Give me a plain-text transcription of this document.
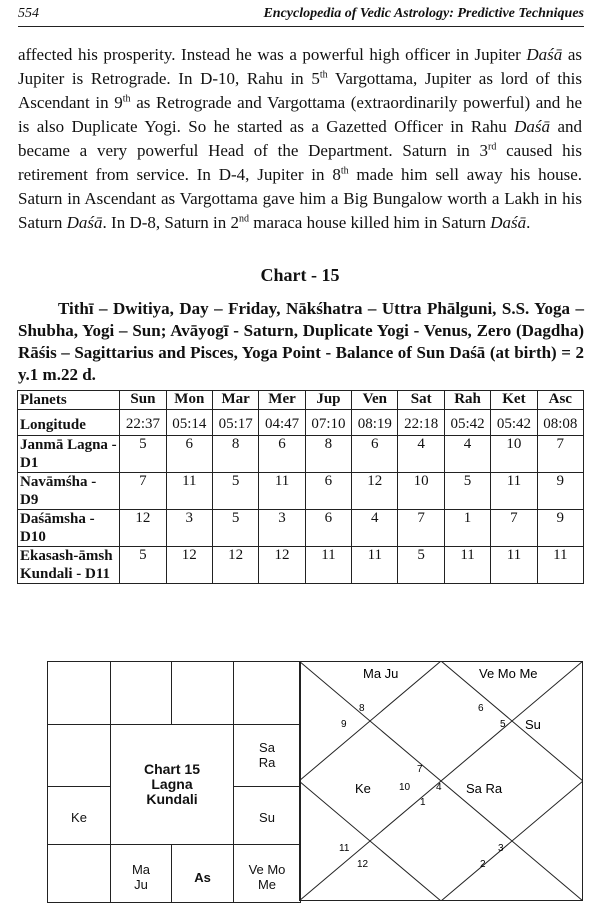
554	Encyclopedia of Vedic Astrology: Predictive Techniques

affected his prosperity. Instead he was a powerful high officer in Jupiter Daśā as Jupiter is Retrograde. In D-10, Rahu in 5th Vargottama, Jupiter as lord of this Ascendant in 9th as Retrograde and Vargottama (extraordinarily powerful) and he is also Duplicate Yogi. So he started as a Gazetted Officer in Rahu Daśā and became a very powerful Head of the Department. Saturn in 3rd caused his retirement from service. In D-4, Jupiter in 8th made him sell away his house. Saturn in Ascendant as Vargottama gave him a Big Bungalow worth a Lakh in his Saturn Daśā. In D-8, Saturn in 2nd maraca house killed him in Saturn Daśā.

Chart - 15
Tithī – Dwitiya, Day – Friday, Nākśhatra – Uttra Phālguni, S.S. Yoga – Shubha, Yogi – Sun; Avāyogī - Saturn, Duplicate Yogi - Venus, Zero (Dagdha) Rāśis – Sagittarius and Pisces, Yoga Point - Balance of Sun Daśā (at birth) = 2 y.1 m.22 d.
Planets	Sun	Mon	Mar	Mer	Jup	Ven	Sat	Rah	Ket	Asc
Longitude	22:37	05:14	05:17	04:47	07:10	08:19	22:18	05:42	05:42	08:08
Janmā Lagna - D1	5	6	8	6	8	6	4	4	10	7
Navāmśha - D9	7	11	5	11	6	12	10	5	11	9
Daśāmsha - D10	12	3	5	3	6	4	7	1	7	9
Ekasash-āmsh Kundali - D11	5	12	12	12	11	11	5	11	11	11
Chart 15
Lagna
Kundali
Sa
Ra
Su
Ke
Ma
Ju	As
Ve Mo
Me
Ma Ju	Ve Mo Me
Su
Ke	Sa Ra
8
9
6
5
7
10	4
1
11
12
3
2
